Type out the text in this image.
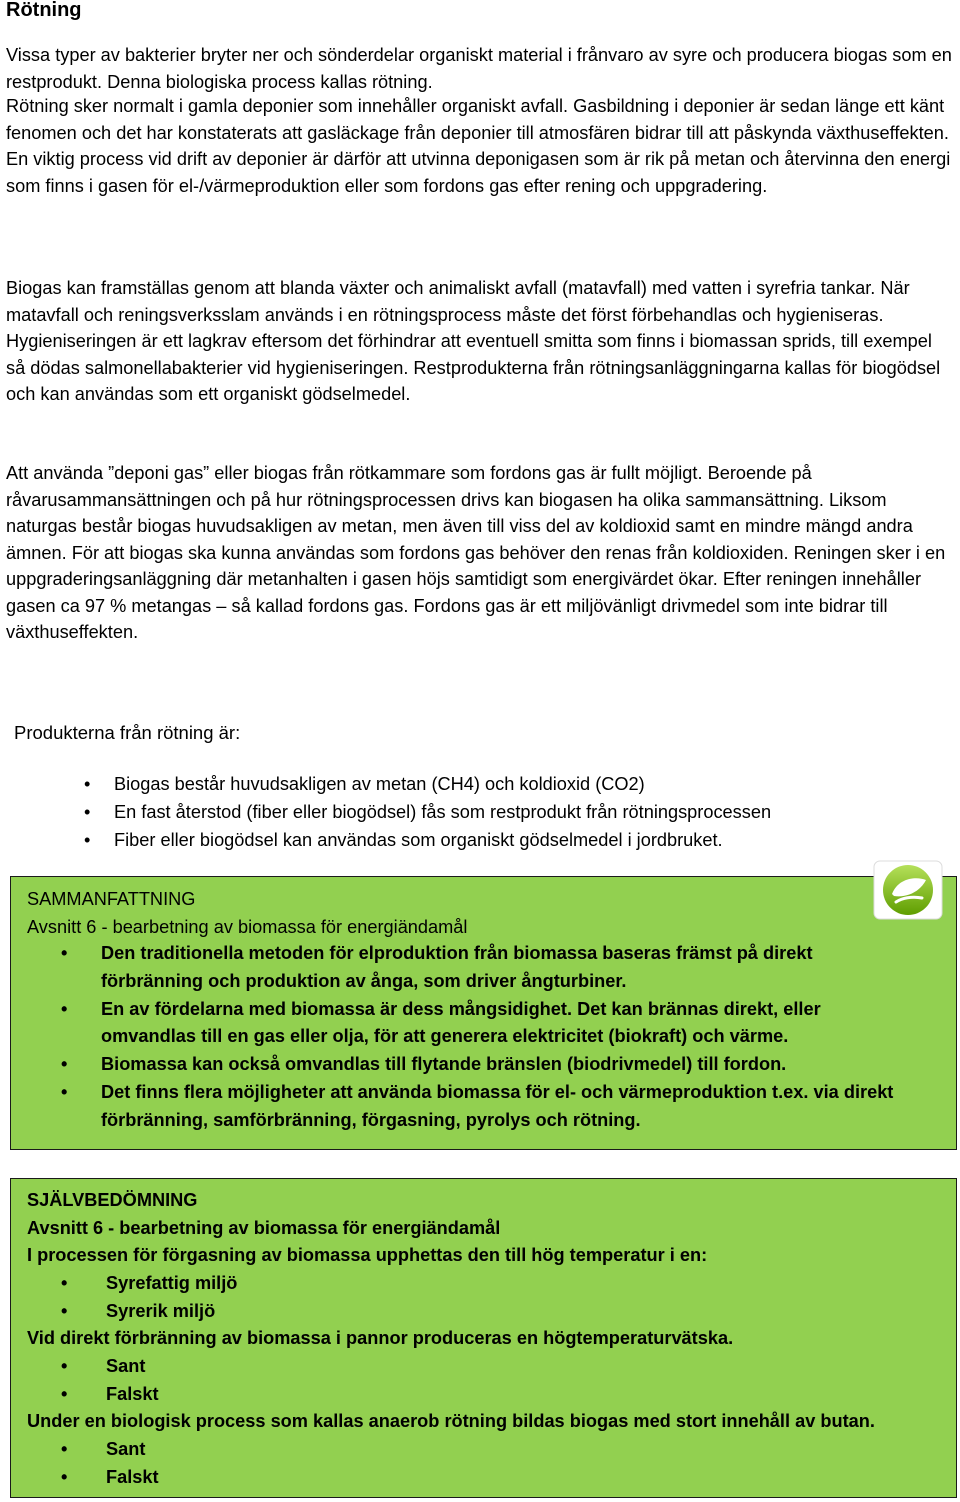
Rötning
Vissa typer av bakterier bryter ner och sönderdelar organiskt material i frånvaro av syre och producera biogas som en restprodukt. Denna biologiska process kallas rötning.
Rötning sker normalt i gamla deponier som innehåller organiskt avfall. Gasbildning i deponier är sedan länge ett känt fenomen och det har konstaterats att gasläckage från deponier till atmosfären bidrar till att påskynda växthuseffekten. En viktig process vid drift av deponier är därför att utvinna deponigasen som är rik på metan och återvinna den energi som finns i gasen för el-/värmeproduktion eller som fordons gas efter rening och uppgradering.
Biogas kan framställas genom att blanda växter och animaliskt avfall (matavfall) med vatten i syrefria tankar. När matavfall och reningsverksslam används i en rötningsprocess måste det först förbehandlas och hygieniseras. Hygieniseringen är ett lagkrav eftersom det förhindrar att eventuell smitta som finns i biomassan sprids, till exempel så dödas salmonellabakterier vid hygieniseringen. Restprodukterna från rötningsanläggningarna kallas för biogödsel och kan användas som ett organiskt gödselmedel.
Att använda ”deponi gas” eller biogas från rötkammare som fordons gas är fullt möjligt. Beroende på råvarusammansättningen och på hur rötningsprocessen drivs kan biogasen ha olika sammansättning. Liksom naturgas består biogas huvudsakligen av metan, men även till viss del av koldioxid samt en mindre mängd andra ämnen. För att biogas ska kunna användas som fordons gas behöver den renas från koldioxiden. Reningen sker i en uppgraderingsanläggning där metanhalten i gasen höjs samtidigt som energivärdet ökar. Efter reningen innehåller gasen ca 97 % metangas – så kallad fordons gas. Fordons gas är ett miljövänligt drivmedel som inte bidrar till växthuseffekten.
Produkterna från rötning är:
• Biogas består huvudsakligen av metan (CH4) och koldioxid (CO2)
• En fast återstod (fiber eller biogödsel) fås som restprodukt från rötningsprocessen
• Fiber eller biogödsel kan användas som organiskt gödselmedel i jordbruket.
SAMMANFATTNING
Avsnitt 6 - bearbetning av biomassa för energiändamål
• Den traditionella metoden för elproduktion från biomassa baseras främst på direkt förbränning och produktion av ånga, som driver ångturbiner.
• En av fördelarna med biomassa är dess mångsidighet. Det kan brännas direkt, eller omvandlas till en gas eller olja, för att generera elektricitet (biokraft) och värme.
• Biomassa kan också omvandlas till flytande bränslen (biodrivmedel) till fordon.
• Det finns flera möjligheter att använda biomassa för el- och värmeproduktion t.ex. via direkt förbränning, samförbränning, förgasning, pyrolys och rötning.
SJÄLVBEDÖMNING
Avsnitt 6 - bearbetning av biomassa för energiändamål
I processen för förgasning av biomassa upphettas den till hög temperatur i en:
• Syrefattig miljö
• Syrerik miljö
Vid direkt förbränning av biomassa i pannor produceras en högtemperaturvätska.
• Sant
• Falskt
Under en biologisk process som kallas anaerob rötning bildas biogas med stort innehåll av butan.
• Sant
• Falskt
